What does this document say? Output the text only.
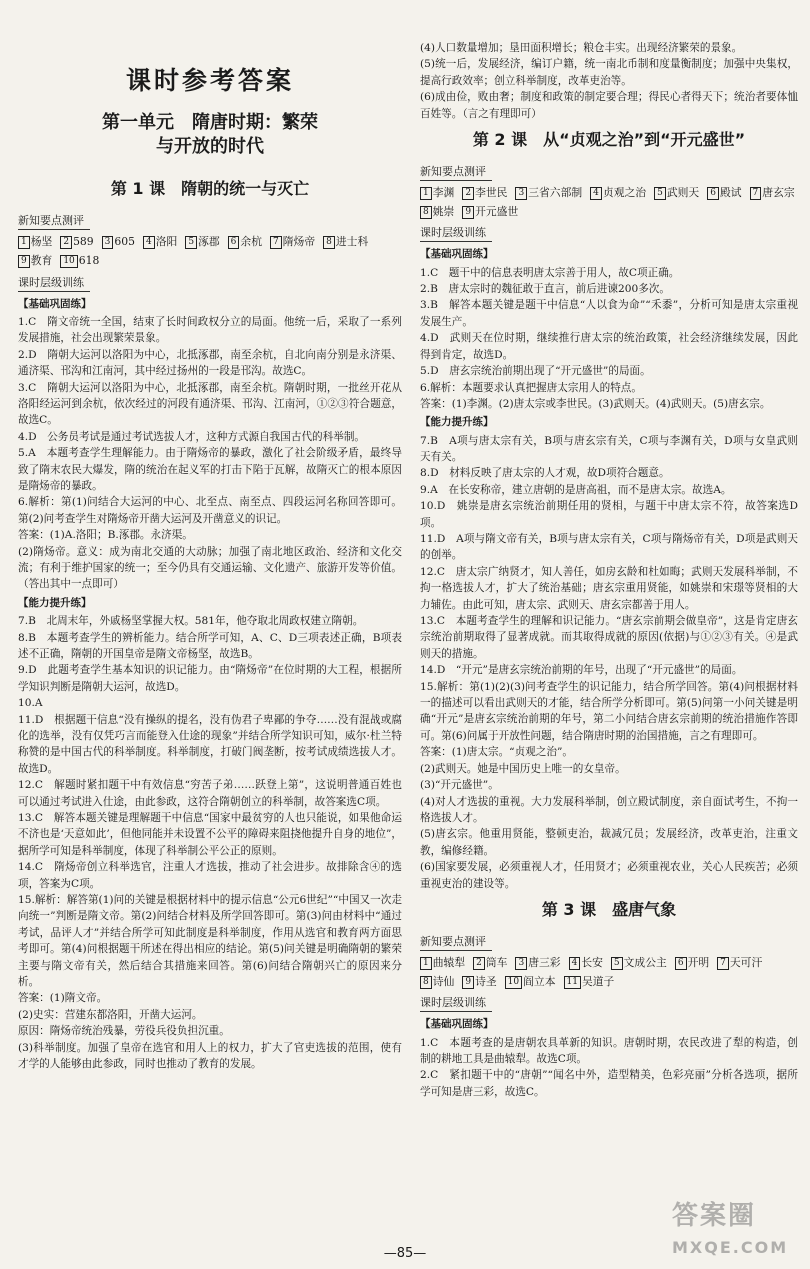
课时参考答案
第一单元　隋唐时期：繁荣
与开放的时代
第 1 课　隋朝的统一与灭亡
新知要点测评
1 杨坚	2 589	3 605	4 洛阳	5 涿郡	6 余杭	7 隋炀帝	8 进士科
9 教育	10 618
课时层级训练
【基础巩固练】

1.C　隋文帝统一全国，结束了长时间政权分立的局面。他统一后，采取了一系列发展措施，社会出现繁荣景象。

2.D　隋朝大运河以洛阳为中心，北抵涿郡，南至余杭，自北向南分别是永济渠、通济渠、邗沟和江南河，其中经过扬州的一段是邗沟。故选C。

3.C　隋朝大运河以洛阳为中心，北抵涿郡，南至余杭。隋朝时期，一批丝开花从洛阳经运河到余杭，依次经过的河段有通济渠、邗沟、江南河，①②③符合题意，故选C。

4.D　公务员考试是通过考试选拔人才，这种方式源自我国古代的科举制。

5.A　本题考查学生理解能力。由于隋炀帝的暴政，激化了社会阶级矛盾，最终导致了隋末农民大爆发，隋的统治在起义军的打击下陷于瓦解，故隋灭亡的根本原因是隋炀帝的暴政。

6.解析：第(1)问结合大运河的中心、北至点、南至点、四段运河名称回答即可。第(2)问考查学生对隋炀帝开凿大运河及开凿意义的识记。

答案：(1)A.洛阳；B.涿郡。永济渠。

(2)隋炀帝。意义：成为南北交通的大动脉；加强了南北地区政治、经济和文化交流；有利于维护国家的统一；至今仍具有交通运输、文化遗产、旅游开发等价值。（答出其中一点即可）

【能力提升练】

7.B　北周末年，外戚杨坚掌握大权。581年，他夺取北周政权建立隋朝。

8.B　本题考查学生的辨析能力。结合所学可知，A、C、D三项表述正确，B项表述不正确，隋朝的开国皇帝是隋文帝杨坚，故选B。

9.D　此题考查学生基本知识的识记能力。由“隋炀帝”在位时期的大工程，根据所学知识判断是隋朝大运河，故选D。

10.A

11.D　根据题干信息“没有操纵的提名，没有伪君子卑鄙的争夺……没有混战或腐化的选举，没有仅凭巧言而能登入仕途的现象”并结合所学知识可知，威尔·杜兰特称赞的是中国古代的科举制度。科举制度，打破门阀垄断，按考试成绩选拔人才。故选D。

12.C　解题时紧扣题干中有效信息“穷苦子弟……跃登上第”，这说明普通百姓也可以通过考试进入仕途，由此参政，这符合隋朝创立的科举制，故答案选C项。

13.C　解答本题关键是理解题干中信息“国家中最贫穷的人也只能说，如果他命运不济也是‘天意如此’，但他同能并未设置不公平的障碍来阻挠他提升自身的地位”，据所学可知是科举制度，体现了科举制公平公正的原则。

14.C　隋炀帝创立科举选官，注重人才选拔，推动了社会进步。故排除含④的选项，答案为C项。

15.解析：解答第(1)问的关键是根据材料中的提示信息“公元6世纪”“中国又一次走向统一”判断是隋文帝。第(2)问结合材料及所学回答即可。第(3)问由材料中“通过考试，品评人才”并结合所学可知此制度是科举制度，作用从选官和教育两方面思考即可。第(4)问根据题干所述在得出相应的结论。第(5)问关键是明确隋朝的繁荣主要与隋文帝有关，然后结合其措施来回答。第(6)问结合隋朝兴亡的原因来分析。

答案：(1)隋文帝。

(2)史实：营建东都洛阳，开凿大运河。

原因：隋炀帝统治残暴，劳役兵役负担沉重。

(3)科举制度。加强了皇帝在选官和用人上的权力，扩大了官吏选拔的范围，使有才学的人能够由此参政，同时也推动了教育的发展。

(4)人口数量增加；垦田面积增长；粮仓丰实。出现经济繁荣的景象。

(5)统一后，发展经济，编订户籍，统一南北币制和度量衡制度；加强中央集权，提高行政效率；创立科举制度，改革吏治等。

(6)成由俭，败由奢；制度和政策的制定要合理；得民心者得天下；统治者要体恤百姓等。（言之有理即可）

第 2 课　从“贞观之治”到“开元盛世”
新知要点测评
1 李渊	2 李世民	3 三省六部制	4 贞观之治	5 武则天	6 殿试	7 唐玄宗
8 姚崇	9 开元盛世
课时层级训练
【基础巩固练】

1.C　题干中的信息表明唐太宗善于用人，故C项正确。

2.B　唐太宗时的魏征敢于直言，前后进谏200多次。

3.B　解答本题关键是题干中信息“人以食为命”“禾黍”，分析可知是唐太宗重视发展生产。

4.D　武则天在位时期，继续推行唐太宗的统治政策，社会经济继续发展，因此得到肯定，故选D。

5.D　唐玄宗统治前期出现了“开元盛世”的局面。

6.解析：本题要求认真把握唐太宗用人的特点。

答案：(1)李渊。(2)唐太宗或李世民。(3)武则天。(4)武则天。(5)唐玄宗。

【能力提升练】

7.B　A项与唐太宗有关，B项与唐玄宗有关，C项与李渊有关，D项与女皇武则天有关。

8.D　材料反映了唐太宗的人才观，故D项符合题意。

9.A　在长安称帝，建立唐朝的是唐高祖，而不是唐太宗。故选A。

10.D　姚崇是唐玄宗统治前期任用的贤相，与题干中唐太宗不符，故答案选D项。

11.D　A项与隋文帝有关，B项与唐太宗有关，C项与隋炀帝有关，D项是武则天的创举。

12.C　唐太宗广纳贤才，知人善任，如房玄龄和杜如晦；武则天发展科举制，不拘一格选拔人才，扩大了统治基础；唐玄宗重用贤能，如姚崇和宋璟等贤相的大力辅佐。由此可知，唐太宗、武则天、唐玄宗都善于用人。

13.C　本题考查学生的理解和识记能力。“唐玄宗前期会做皇帝”，这是肯定唐玄宗统治前期取得了显著成就。而其取得成就的原因(依据)与①②③有关。④是武则天的措施。

14.D　“开元”是唐玄宗统治前期的年号，出现了“开元盛世”的局面。

15.解析：第(1)(2)(3)问考查学生的识记能力，结合所学回答。第(4)问根据材料一的描述可以看出武则天的才能，结合所学分析即可。第(5)问第一小问关键是明确“开元”是唐玄宗统治前期的年号，第二小问结合唐玄宗前期的统治措施作答即可。第(6)问属于开放性问题，结合隋唐时期的治国措施，言之有理即可。

答案：(1)唐太宗。“贞观之治”。

(2)武则天。她是中国历史上唯一的女皇帝。

(3)“开元盛世”。

(4)对人才选拔的重视。大力发展科举制，创立殿试制度，亲自面试考生，不拘一格选拔人才。

(5)唐玄宗。他重用贤能，整顿吏治，裁减冗员；发展经济，改革吏治，注重文教，编修经籍。

(6)国家要发展，必须重视人才，任用贤才；必须重视农业，关心人民疾苦；必须重视吏治的建设等。

第 3 课　盛唐气象
新知要点测评
1 曲辕犁	2 筒车	3 唐三彩	4 长安	5 文成公主	6 开明	7 天可汗
8 诗仙	9 诗圣	10 阎立本	11 吴道子
课时层级训练
【基础巩固练】

1.C　本题考查的是唐朝农具革新的知识。唐朝时期，农民改进了犁的构造，创制的耕地工具是曲辕犁。故选C项。

2.C　紧扣题干中的“唐朝”“闻名中外，造型精美，色彩亮丽”分析各选项，据所学可知是唐三彩，故选C。

—85—
答案圈
MXQE.COM
